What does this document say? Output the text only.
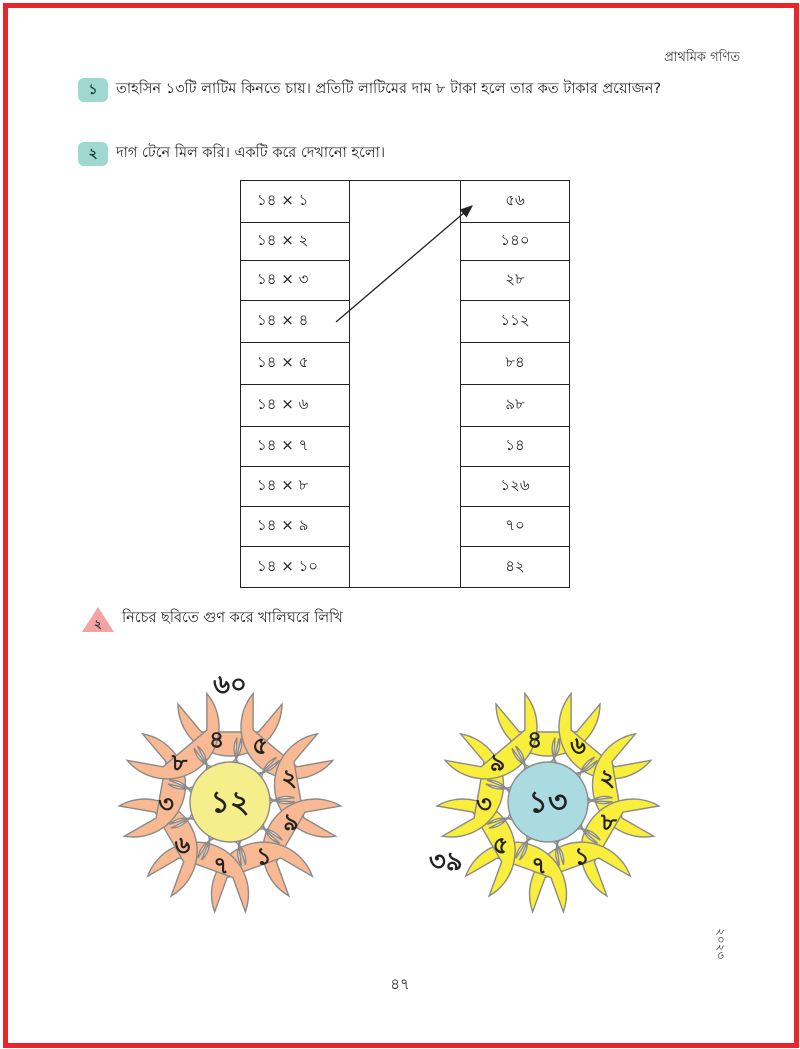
প্রাথমিক গণিত
১	তাহসিন ১৩টি লাটিম কিনতে চায়। প্রতিটি লাটিমের দাম ৮ টাকা হলে তার কত টাকার প্রয়োজন?
২	দাগ টেনে মিল করি। একটি করে দেখানো হলো।
১৪ × ১
১৪ × ২
১৪ × ৩
১৪ × ৪
১৪ × ৫
১৪ × ৬
১৪ × ৭
১৪ × ৮
১৪ × ৯
১৪ × ১০
৫৬
১৪০
২৮
১১২
৮৪
৯৮
১৪
১২৬
৭০
৪২
২ নিচের ছবিতে গুণ করে খালিঘরে লিখি
১২
৫
২
৯
১
৭
৬
৩
৮
৪
৬০
১৩
৬
২
৮
১
৭
৫
৩
৯
৪
৩৯
২০২৩
৪৭
